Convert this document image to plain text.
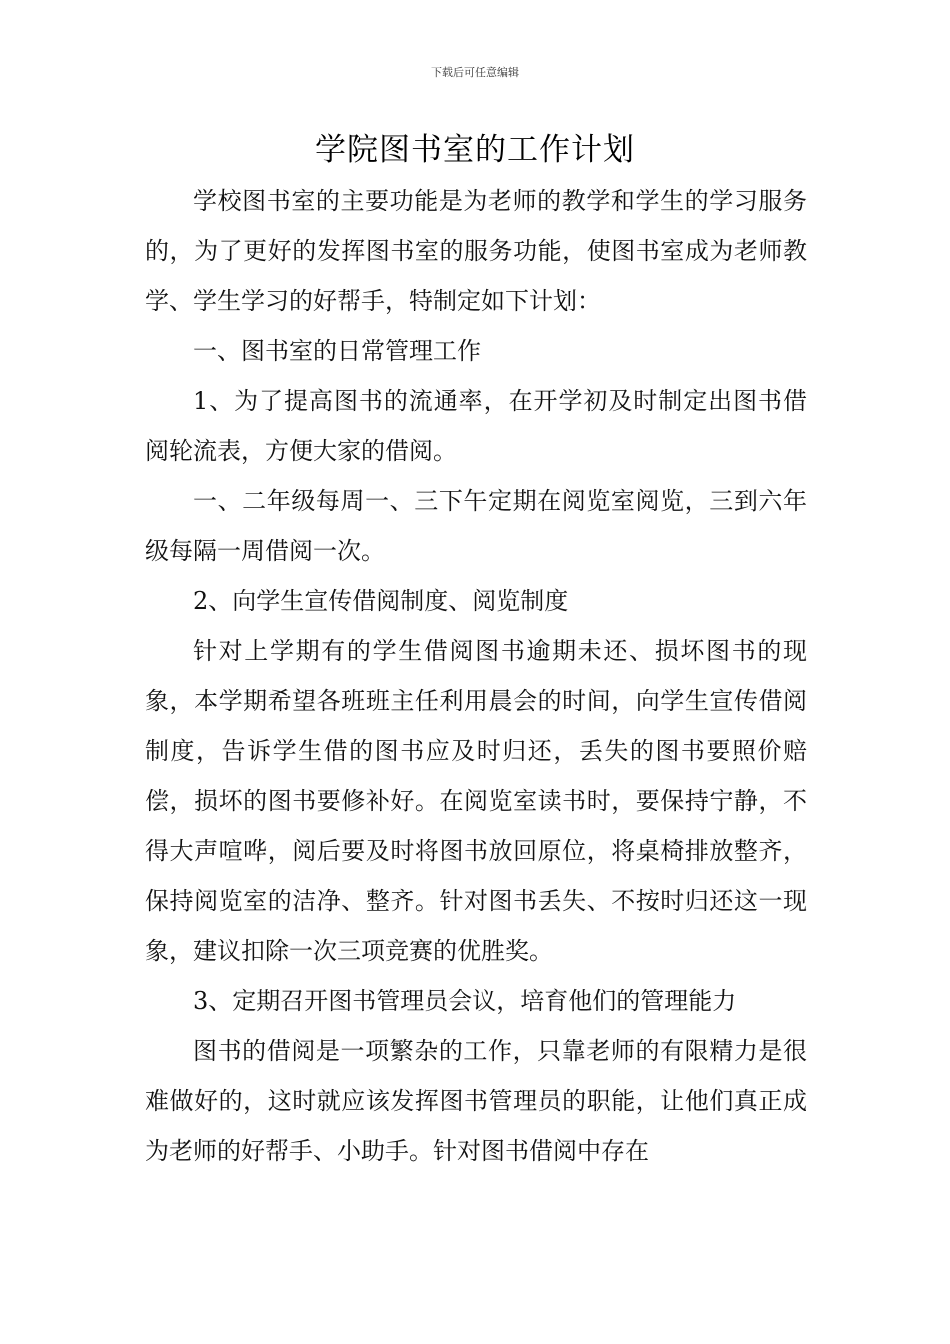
下载后可任意编辑
学院图书室的工作计划

学校图书室的主要功能是为老师的教学和学生的学习服务的，为了更好的发挥图书室的服务功能，使图书室成为老师教学、学生学习的好帮手，特制定如下计划：

一、图书室的日常管理工作

1、为了提高图书的流通率，在开学初及时制定出图书借阅轮流表，方便大家的借阅。

一、二年级每周一、三下午定期在阅览室阅览，三到六年级每隔一周借阅一次。

2、向学生宣传借阅制度、阅览制度

针对上学期有的学生借阅图书逾期未还、损坏图书的现象，本学期希望各班班主任利用晨会的时间，向学生宣传借阅制度，告诉学生借的图书应及时归还，丢失的图书要照价赔偿，损坏的图书要修补好。在阅览室读书时，要保持宁静，不得大声喧哗，阅后要及时将图书放回原位，将桌椅排放整齐，保持阅览室的洁净、整齐。针对图书丢失、不按时归还这一现象，建议扣除一次三项竞赛的优胜奖。

3、定期召开图书管理员会议，培育他们的管理能力

图书的借阅是一项繁杂的工作，只靠老师的有限精力是很难做好的，这时就应该发挥图书管理员的职能，让他们真正成为老师的好帮手、小助手。针对图书借阅中存在
